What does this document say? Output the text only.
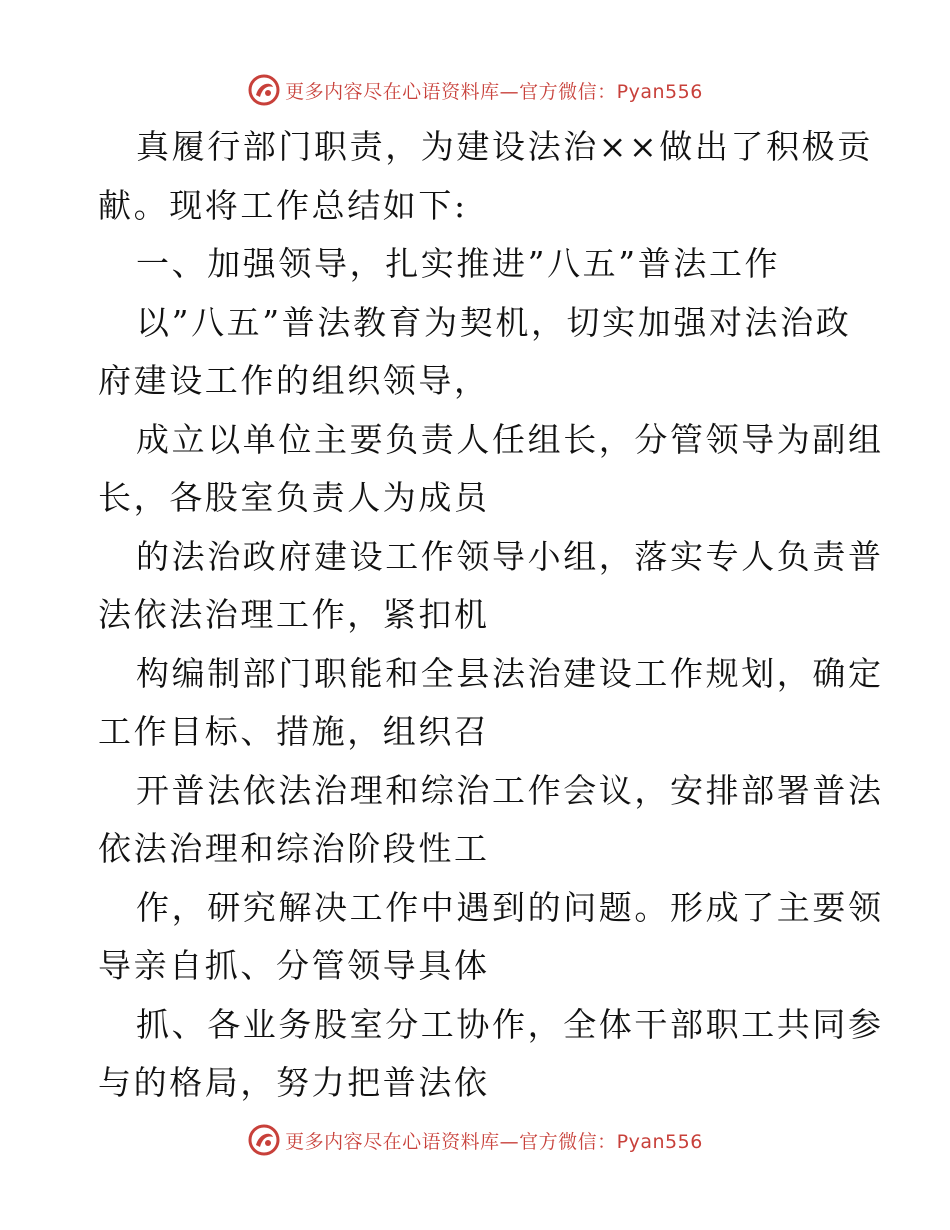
更多内容尽在心语资料库—官方微信：Pyan556
真履行部门职责，为建设法治××做出了积极贡
献。现将工作总结如下:
一、加强领导，扎实推进”八五”普法工作
以”八五”普法教育为契机，切实加强对法治政
府建设工作的组织领导，
成立以单位主要负责人任组长，分管领导为副组
长，各股室负责人为成员
的法治政府建设工作领导小组，落实专人负责普
法依法治理工作，紧扣机
构编制部门职能和全县法治建设工作规划，确定
工作目标、措施，组织召
开普法依法治理和综治工作会议，安排部署普法
依法治理和综治阶段性工
作，研究解决工作中遇到的问题。形成了主要领
导亲自抓、分管领导具体
抓、各业务股室分工协作，全体干部职工共同参
与的格局，努力把普法依
更多内容尽在心语资料库—官方微信：Pyan556
